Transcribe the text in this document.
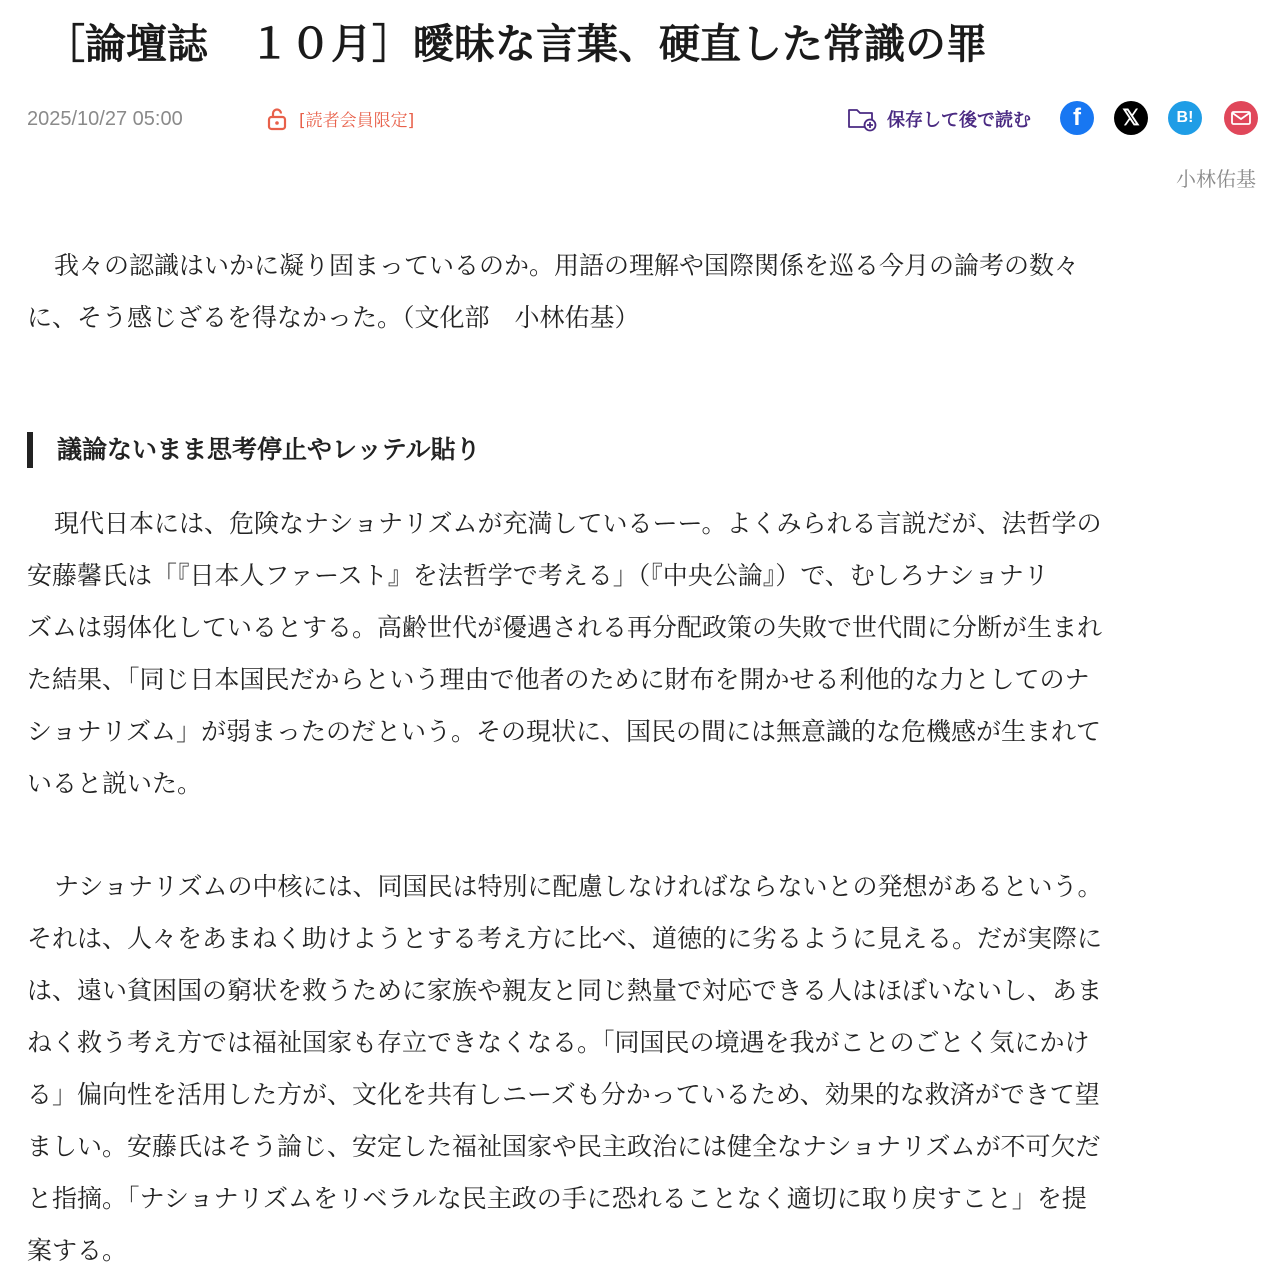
［論壇誌　１０月］曖昧な言葉、硬直した常識の罪
2025/10/27 05:00	[読者会員限定]	保存して後で読む f 𝕏 B!
小林佑基

我々の認識はいかに凝り固まっているのか。用語の理解や国際関係を巡る今月の論考の数々
に、そう感じざるを得なかった。（文化部　小林佑基）

議論ないまま思考停止やレッテル貼り

現代日本には、危険なナショナリズムが充満しているーー。よくみられる言説だが、法哲学の
安藤馨氏は「『日本人ファースト』を法哲学で考える」（『中央公論』）で、むしろナショナリ
ズムは弱体化しているとする。高齢世代が優遇される再分配政策の失敗で世代間に分断が生まれ
た結果、「同じ日本国民だからという理由で他者のために財布を開かせる利他的な力としてのナ
ショナリズム」が弱まったのだという。その現状に、国民の間には無意識的な危機感が生まれて
いると説いた。

ナショナリズムの中核には、同国民は特別に配慮しなければならないとの発想があるという。
それは、人々をあまねく助けようとする考え方に比べ、道徳的に劣るように見える。だが実際に
は、遠い貧困国の窮状を救うために家族や親友と同じ熱量で対応できる人はほぼいないし、あま
ねく救う考え方では福祉国家も存立できなくなる。「同国民の境遇を我がことのごとく気にかけ
る」偏向性を活用した方が、文化を共有しニーズも分かっているため、効果的な救済ができて望
ましい。安藤氏はそう論じ、安定した福祉国家や民主政治には健全なナショナリズムが不可欠だ
と指摘。「ナショナリズムをリベラルな民主政の手に恐れることなく適切に取り戻すこと」を提
案する。
